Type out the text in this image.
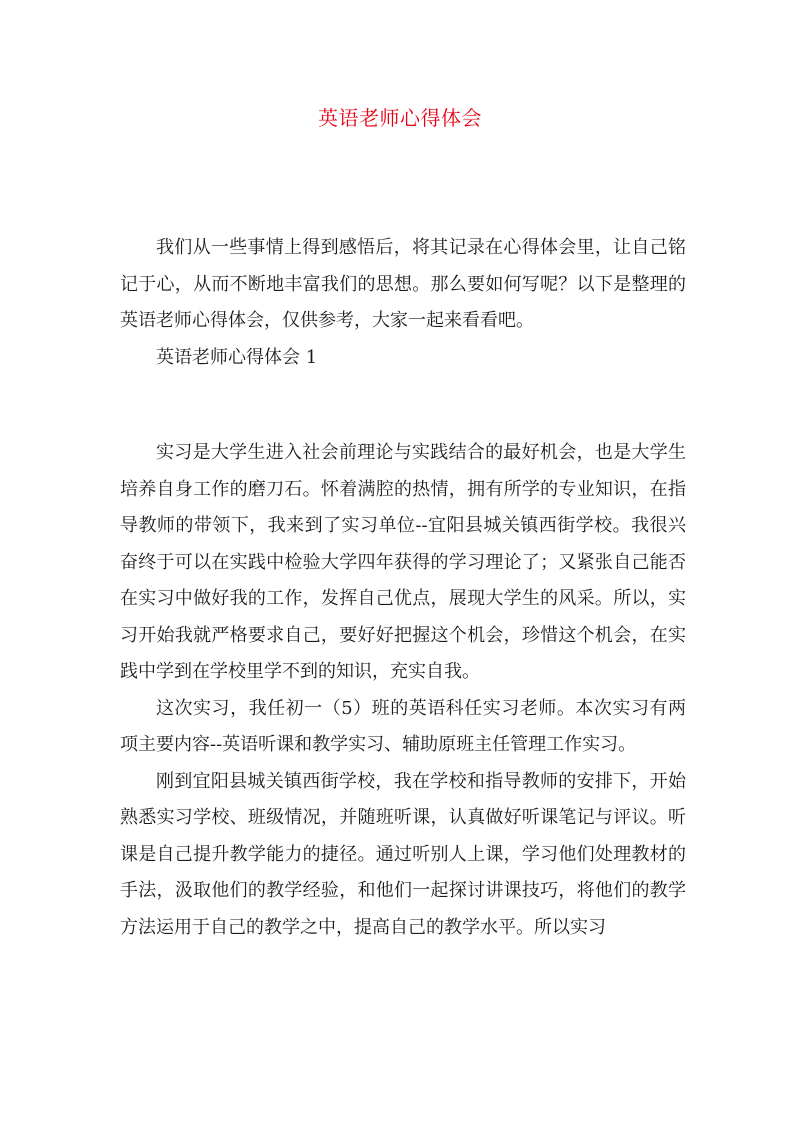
英语老师心得体会

我们从一些事情上得到感悟后，将其记录在心得体会里，让自己铭记于心，从而不断地丰富我们的思想。那么要如何写呢？以下是整理的英语老师心得体会，仅供参考，大家一起来看看吧。

英语老师心得体会 1

实习是大学生进入社会前理论与实践结合的最好机会，也是大学生培养自身工作的磨刀石。怀着满腔的热情，拥有所学的专业知识，在指导教师的带领下，我来到了实习单位--宜阳县城关镇西街学校。我很兴奋终于可以在实践中检验大学四年获得的学习理论了；又紧张自己能否在实习中做好我的工作，发挥自己优点，展现大学生的风采。所以，实习开始我就严格要求自己，要好好把握这个机会，珍惜这个机会，在实践中学到在学校里学不到的知识，充实自我。

这次实习，我任初一（5）班的英语科任实习老师。本次实习有两项主要内容--英语听课和教学实习、辅助原班主任管理工作实习。

刚到宜阳县城关镇西街学校，我在学校和指导教师的安排下，开始熟悉实习学校、班级情况，并随班听课，认真做好听课笔记与评议。听课是自己提升教学能力的捷径。通过听别人上课，学习他们处理教材的手法，汲取他们的教学经验，和他们一起探讨讲课技巧，将他们的教学方法运用于自己的教学之中，提高自己的教学水平。所以实习
